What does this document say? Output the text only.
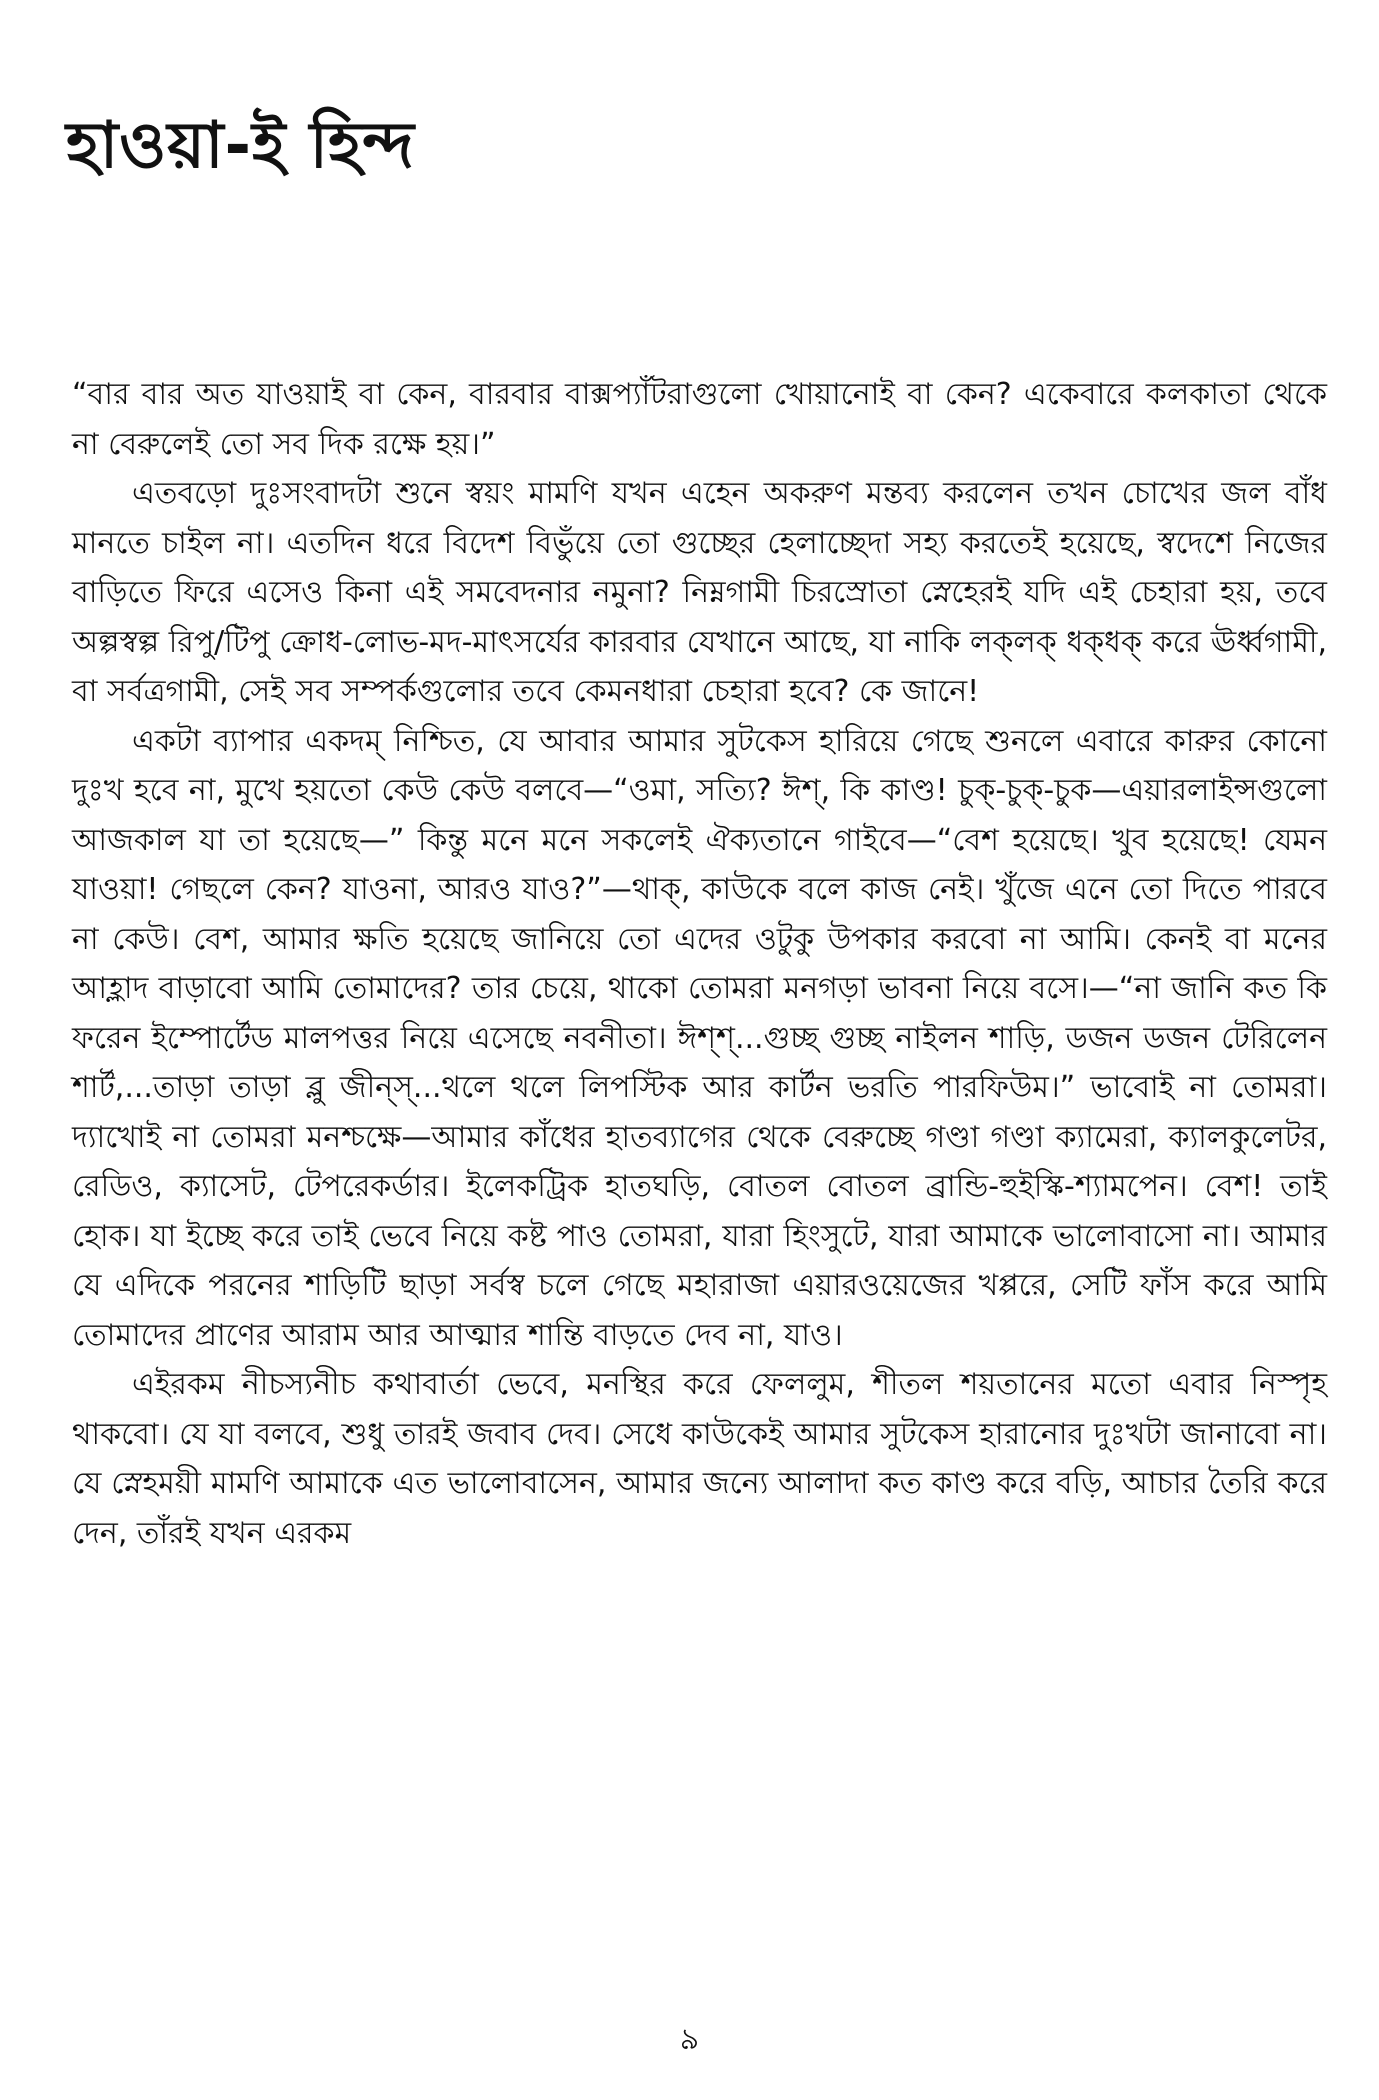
হাওয়া-ই হিন্দ

“বার বার অত যাওয়াই বা কেন, বারবার বাক্সপ্যাঁটরাগুলো খোয়ানোই বা কেন? একেবারে কলকাতা থেকে না বেরুলেই তো সব দিক রক্ষে হয়।”

এতবড়ো দুঃসংবাদটা শুনে স্বয়ং মামণি যখন এহেন অকরুণ মন্তব্য করলেন তখন চোখের জল বাঁধ মানতে চাইল না। এতদিন ধরে বিদেশ বিভুঁয়ে তো গুচ্ছের হেলাচ্ছেদা সহ্য করতেই হয়েছে, স্বদেশে নিজের বাড়িতে ফিরে এসেও কিনা এই সমবেদনার নমুনা? নিম্নগামী চিরস্রোতা স্নেহেরই যদি এই চেহারা হয়, তবে অল্পস্বল্প রিপু/টিপু ক্রোধ-লোভ-মদ-মাৎসর্যের কারবার যেখানে আছে, যা নাকি লক্‌লক্‌ ধক্‌ধক্‌ করে ঊর্ধ্বগামী, বা সর্বত্রগামী, সেই সব সম্পর্কগুলোর তবে কেমনধারা চেহারা হবে? কে জানে!

একটা ব্যাপার একদম্‌ নিশ্চিত, যে আবার আমার সুটকেস হারিয়ে গেছে শুনলে এবারে কারুর কোনো দুঃখ হবে না, মুখে হয়তো কেউ কেউ বলবে—“ওমা, সত্যি? ঈশ্‌, কি কাণ্ড! চুক্‌-চুক্‌-চুক—এয়ারলাইন্সগুলো আজকাল যা তা হয়েছে—” কিন্তু মনে মনে সকলেই ঐক্যতানে গাইবে—“বেশ হয়েছে। খুব হয়েছে! যেমন যাওয়া! গেছলে কেন? যাওনা, আরও যাও?”—থাক্‌, কাউকে বলে কাজ নেই। খুঁজে এনে তো দিতে পারবে না কেউ। বেশ, আমার ক্ষতি হয়েছে জানিয়ে তো এদের ওটুকু উপকার করবো না আমি। কেনই বা মনের আহ্লাদ বাড়াবো আমি তোমাদের? তার চেয়ে, থাকো তোমরা মনগড়া ভাবনা নিয়ে বসে।—“না জানি কত কি ফরেন ইম্পোর্টেড মালপত্তর নিয়ে এসেছে নবনীতা। ঈশ্‌শ্‌...গুচ্ছ গুচ্ছ নাইলন শাড়ি, ডজন ডজন টেরিলেন শার্ট,...তাড়া তাড়া ব্লু জীন্‌স্‌...থলে থলে লিপস্টিক আর কার্টন ভরতি পারফিউম।” ভাবোই না তোমরা। দ্যাখোই না তোমরা মনশ্চক্ষে—আমার কাঁধের হাতব্যাগের থেকে বেরুচ্ছে গণ্ডা গণ্ডা ক্যামেরা, ক্যালকুলেটর, রেডিও, ক্যাসেট, টেপরেকর্ডার। ইলেকট্রিক হাতঘড়ি, বোতল বোতল ব্রান্ডি-হুইস্কি-শ্যামপেন। বেশ! তাই হোক। যা ইচ্ছে করে তাই ভেবে নিয়ে কষ্ট পাও তোমরা, যারা হিংসুটে, যারা আমাকে ভালোবাসো না। আমার যে এদিকে পরনের শাড়িটি ছাড়া সর্বস্ব চলে গেছে মহারাজা এয়ারওয়েজের খপ্পরে, সেটি ফাঁস করে আমি তোমাদের প্রাণের আরাম আর আত্মার শান্তি বাড়তে দেব না, যাও।

এইরকম নীচস্যনীচ কথাবার্তা ভেবে, মনস্থির করে ফেললুম, শীতল শয়তানের মতো এবার নিস্পৃহ থাকবো। যে যা বলবে, শুধু তারই জবাব দেব। সেধে কাউকেই আমার সুটকেস হারানোর দুঃখটা জানাবো না। যে স্নেহময়ী মামণি আমাকে এত ভালোবাসেন, আমার জন্যে আলাদা কত কাণ্ড করে বড়ি, আচার তৈরি করে দেন, তাঁরই যখন এরকম

৯
